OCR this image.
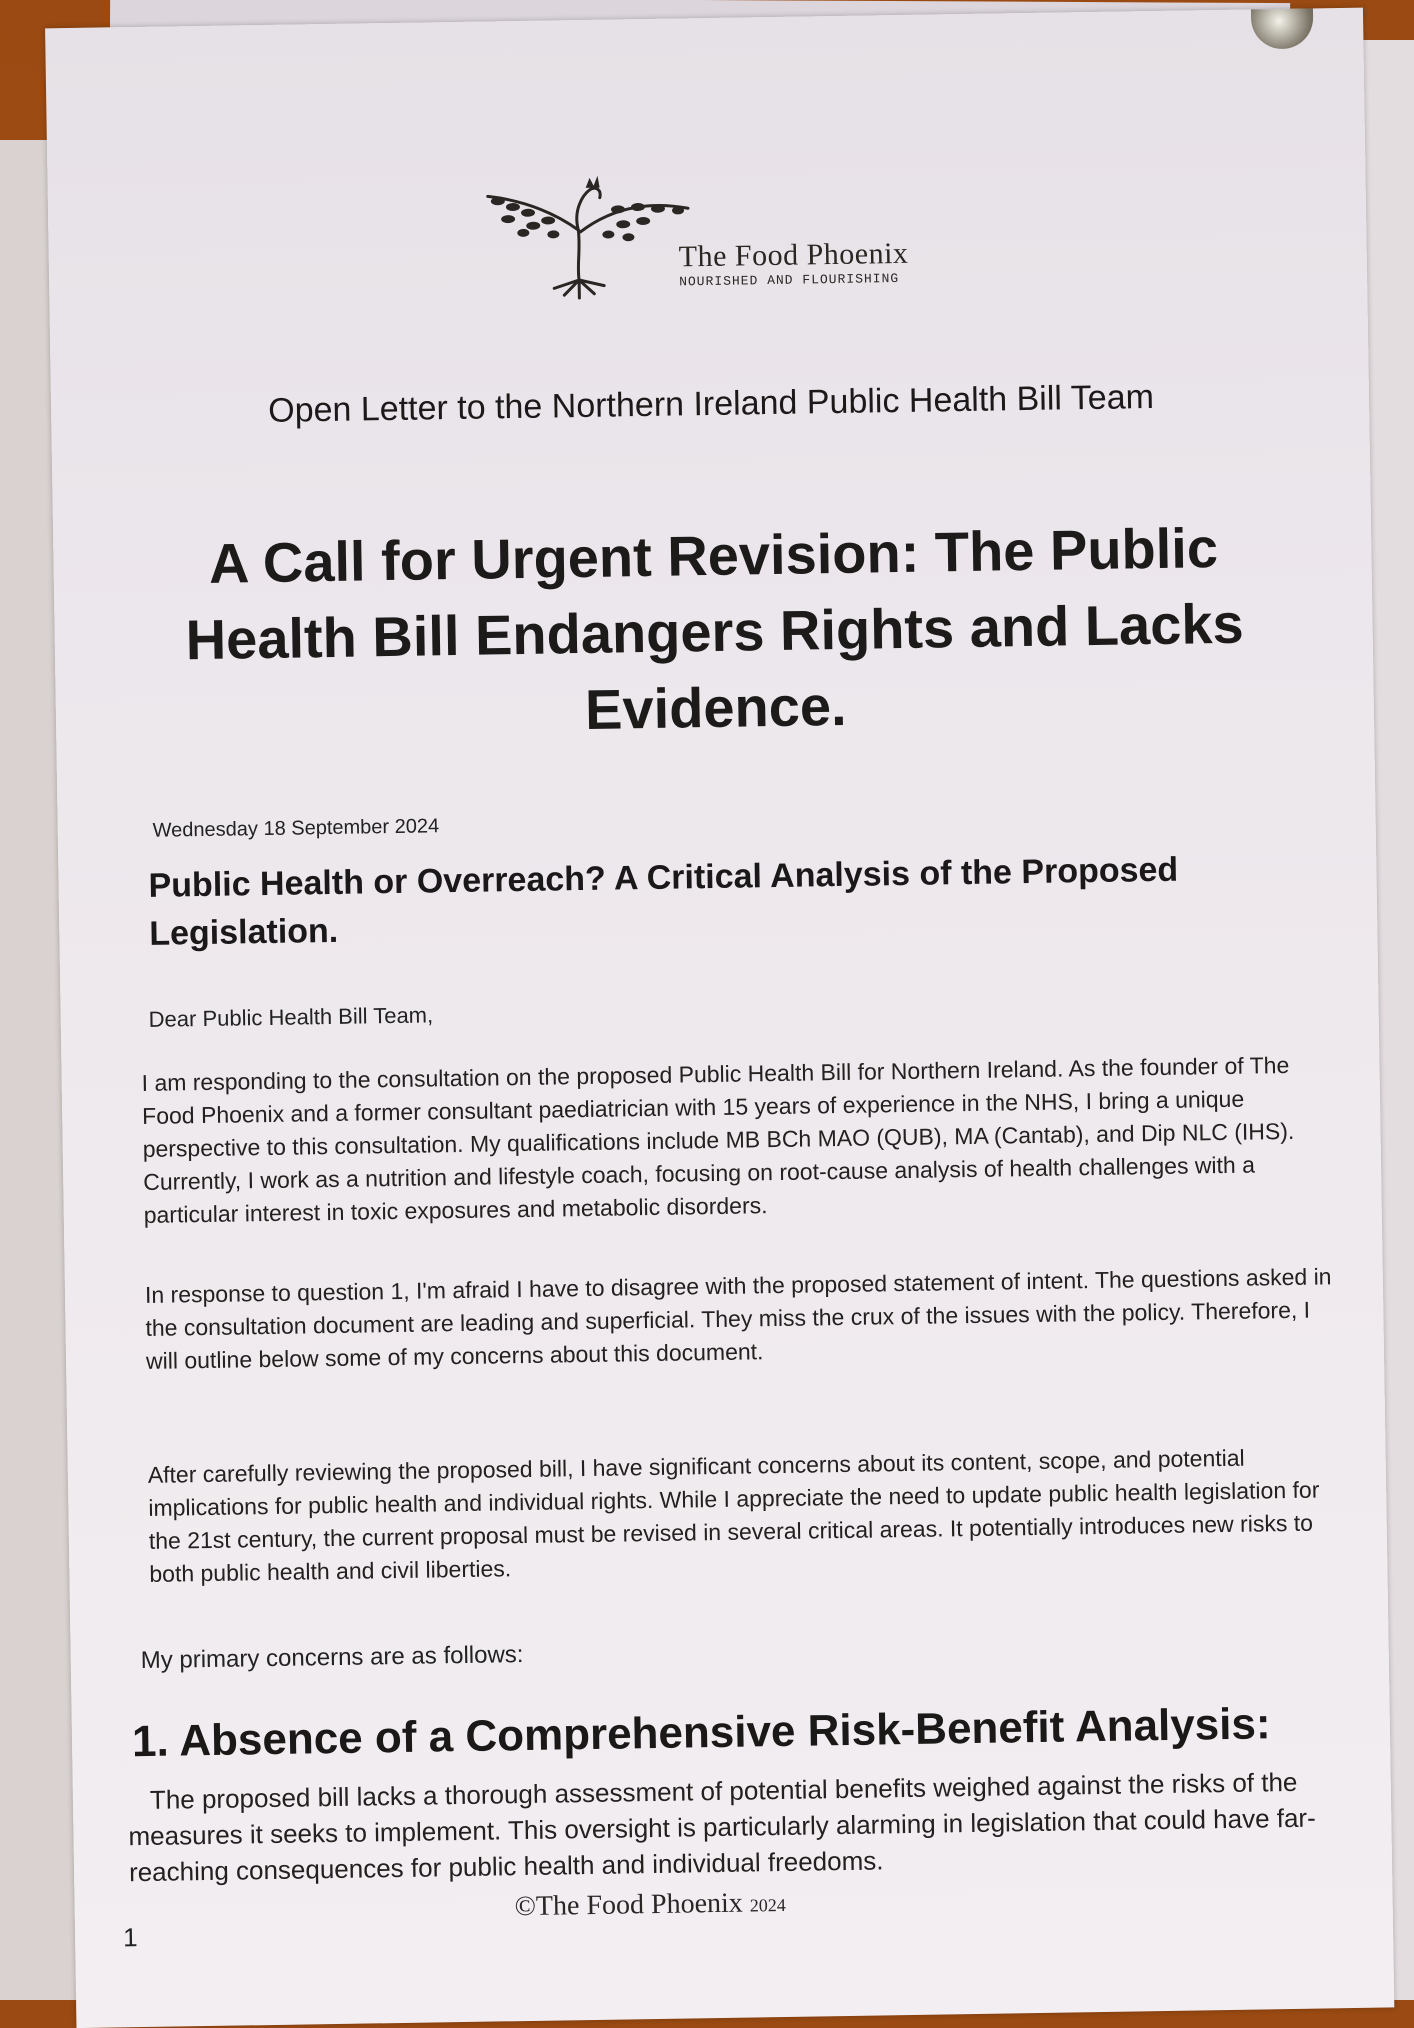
The Food Phoenix
NOURISHED AND FLOURISHING
Open Letter to the Northern Ireland Public Health Bill Team
A Call for Urgent Revision: The Public Health Bill Endangers Rights and Lacks Evidence.
Wednesday 18 September 2024
Public Health or Overreach? A Critical Analysis of the Proposed Legislation.
Dear Public Health Bill Team,
I am responding to the consultation on the proposed Public Health Bill for Northern Ireland. As the founder of The Food Phoenix and a former consultant paediatrician with 15 years of experience in the NHS, I bring a unique perspective to this consultation. My qualifications include MB BCh MAO (QUB), MA (Cantab), and Dip NLC (IHS). Currently, I work as a nutrition and lifestyle coach, focusing on root-cause analysis of health challenges with a particular interest in toxic exposures and metabolic disorders.
In response to question 1, I'm afraid I have to disagree with the proposed statement of intent. The questions asked in the consultation document are leading and superficial. They miss the crux of the issues with the policy. Therefore, I will outline below some of my concerns about this document.
After carefully reviewing the proposed bill, I have significant concerns about its content, scope, and potential implications for public health and individual rights. While I appreciate the need to update public health legislation for the 21st century, the current proposal must be revised in several critical areas. It potentially introduces new risks to both public health and civil liberties.
My primary concerns are as follows:
1. Absence of a Comprehensive Risk-Benefit Analysis:
The proposed bill lacks a thorough assessment of potential benefits weighed against the risks of the measures it seeks to implement. This oversight is particularly alarming in legislation that could have far-reaching consequences for public health and individual freedoms.
©The Food Phoenix 2024
1
